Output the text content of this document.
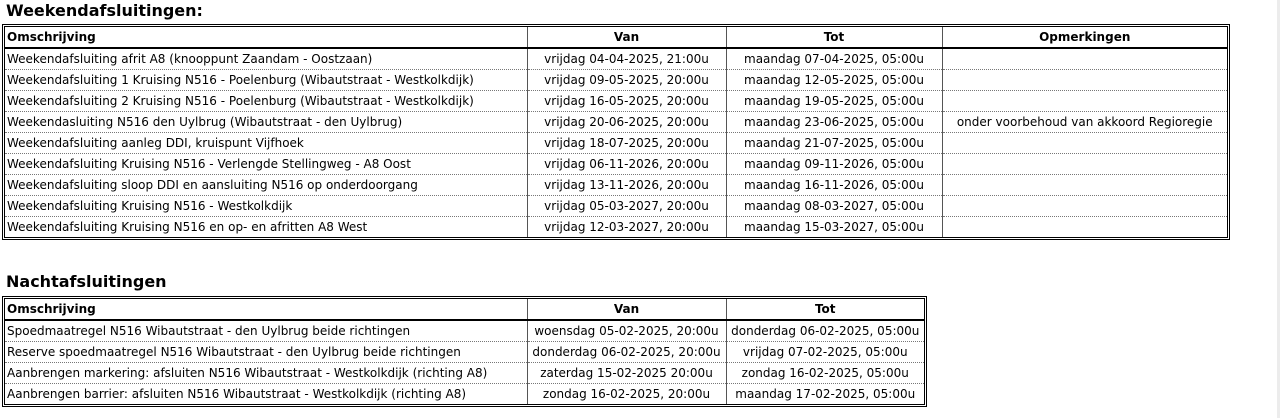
Weekendafsluitingen:
Omschrijving	Van	Tot	Opmerkingen
Weekendafsluiting afrit A8 (knooppunt Zaandam - Oostzaan)	vrijdag 04-04-2025, 21:00u	maandag 07-04-2025, 05:00u	
Weekendafsluiting 1 Kruising N516 - Poelenburg (Wibautstraat - Westkolkdijk)	vrijdag 09-05-2025, 20:00u	maandag 12-05-2025, 05:00u	
Weekendafsluiting 2 Kruising N516 - Poelenburg (Wibautstraat - Westkolkdijk)	vrijdag 16-05-2025, 20:00u	maandag 19-05-2025, 05:00u	
Weekendasluiting N516 den Uylbrug (Wibautstraat - den Uylbrug)	vrijdag 20-06-2025, 20:00u	maandag 23-06-2025, 05:00u	onder voorbehoud van akkoord Regioregie
Weekendafsluiting aanleg DDI, kruispunt Vijfhoek	vrijdag 18-07-2025, 20:00u	maandag 21-07-2025, 05:00u	
Weekendafsluiting Kruising N516 - Verlengde Stellingweg - A8 Oost	vrijdag 06-11-2026, 20:00u	maandag 09-11-2026, 05:00u	
Weekendafsluiting sloop DDI en aansluiting N516 op onderdoorgang	vrijdag 13-11-2026, 20:00u	maandag 16-11-2026, 05:00u	
Weekendafsluiting Kruising N516 - Westkolkdijk	vrijdag 05-03-2027, 20:00u	maandag 08-03-2027, 05:00u	
Weekendafsluiting Kruising N516 en op- en afritten A8 West	vrijdag 12-03-2027, 20:00u	maandag 15-03-2027, 05:00u	
Nachtafsluitingen
Omschrijving	Van	Tot
Spoedmaatregel N516 Wibautstraat - den Uylbrug beide richtingen	woensdag 05-02-2025, 20:00u	donderdag 06-02-2025, 05:00u
Reserve spoedmaatregel N516 Wibautstraat - den Uylbrug beide richtingen	donderdag 06-02-2025, 20:00u	vrijdag 07-02-2025, 05:00u
Aanbrengen markering: afsluiten N516 Wibautstraat - Westkolkdijk (richting A8)	zaterdag 15-02-2025 20:00u	zondag 16-02-2025, 05:00u
Aanbrengen barrier: afsluiten N516 Wibautstraat - Westkolkdijk (richting A8)	zondag 16-02-2025, 20:00u	maandag 17-02-2025, 05:00u
